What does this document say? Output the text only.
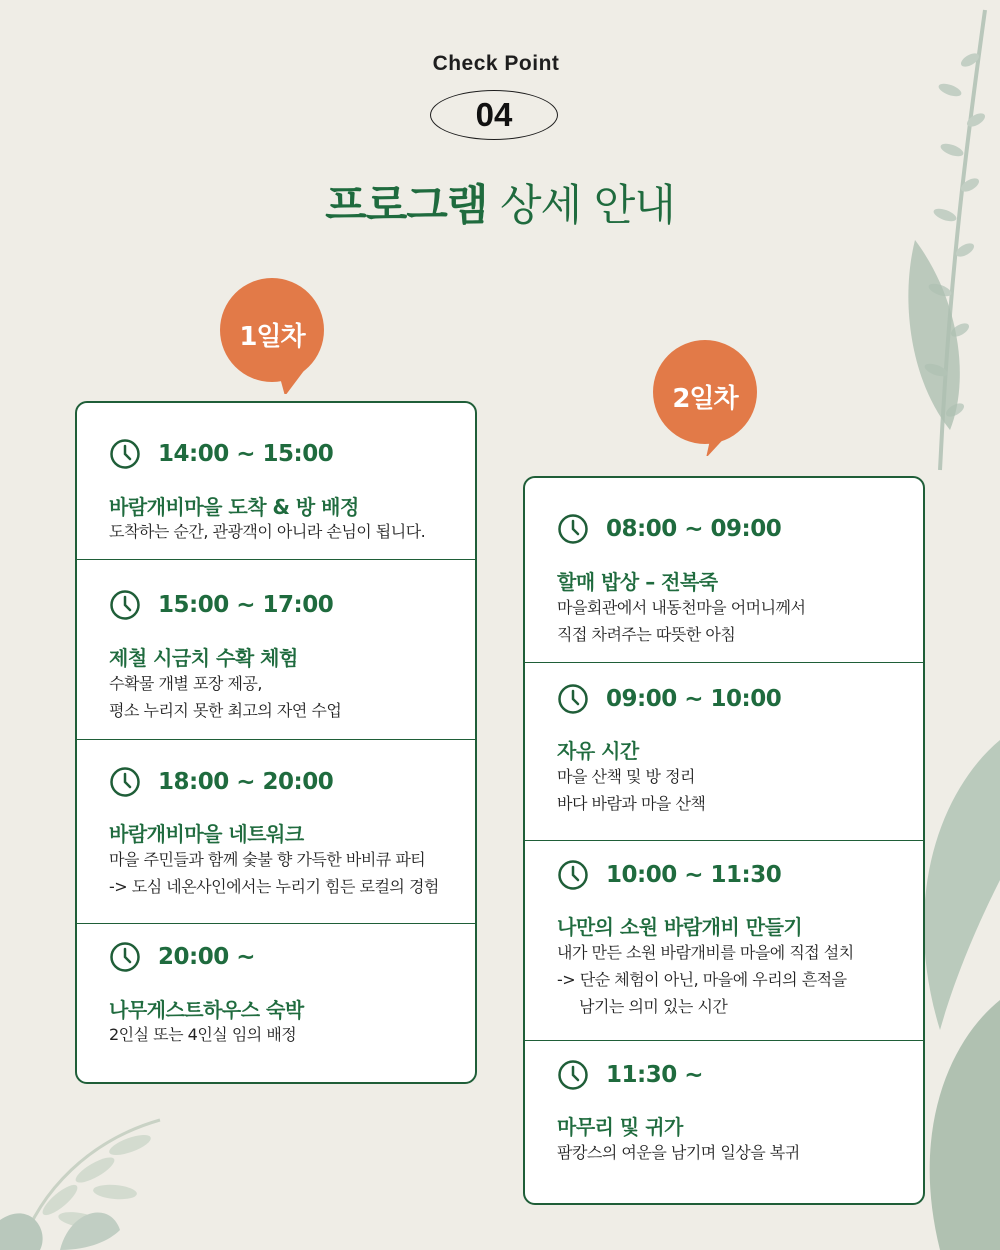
Check Point
04
프로그램 상세 안내
1일차
2일차
14:00 ~ 15:00
바람개비마을 도착 & 방 배정
도착하는 순간, 관광객이 아니라 손님이 됩니다.
15:00 ~ 17:00
제철 시금치 수확 체험
수확물 개별 포장 제공,
평소 누리지 못한 최고의 자연 수업
18:00 ~ 20:00
바람개비마을 네트워크
마을 주민들과 함께 숯불 향 가득한 바비큐 파티
-> 도심 네온사인에서는 누리기 힘든 로컬의 경험
20:00 ~
나무게스트하우스 숙박
2인실 또는 4인실 임의 배정
08:00 ~ 09:00
할매 밥상 – 전복죽
마을회관에서 내동천마을 어머니께서
직접 차려주는 따뜻한 아침
09:00 ~ 10:00
자유 시간
마을 산책 및 방 정리
바다 바람과 마을 산책
10:00 ~ 11:30
나만의 소원 바람개비 만들기
내가 만든 소원 바람개비를 마을에 직접 설치
-> 단순 체험이 아닌, 마을에 우리의 흔적을
남기는 의미 있는 시간
11:30 ~
마무리 및 귀가
팜캉스의 여운을 남기며 일상을 복귀
